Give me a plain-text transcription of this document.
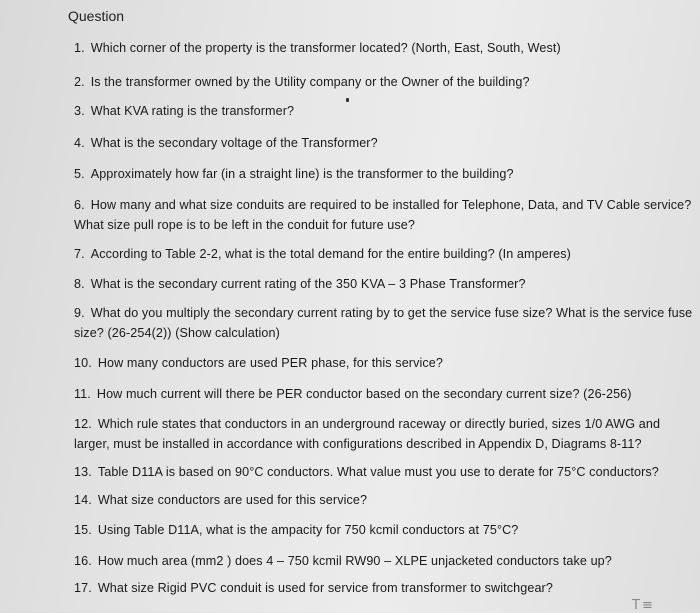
Question
1. Which corner of the property is the transformer located? (North, East, South, West)
2. Is the transformer owned by the Utility company or the Owner of the building?
3. What KVA rating is the transformer?
4. What is the secondary voltage of the Transformer?
5. Approximately how far (in a straight line) is the transformer to the building?
6. How many and what size conduits are required to be installed for Telephone, Data, and TV Cable service? What size pull rope is to be left in the conduit for future use?
7. According to Table 2-2, what is the total demand for the entire building? (In amperes)
8. What is the secondary current rating of the 350 KVA – 3 Phase Transformer?
9. What do you multiply the secondary current rating by to get the service fuse size? What is the service fuse size? (26-254(2)) (Show calculation)
10. How many conductors are used PER phase, for this service?
11. How much current will there be PER conductor based on the secondary current size? (26-256)
12. Which rule states that conductors in an underground raceway or directly buried, sizes 1/0 AWG and larger, must be installed in accordance with configurations described in Appendix D, Diagrams 8-11?
13. Table D11A is based on 90°C conductors. What value must you use to derate for 75°C conductors?
14. What size conductors are used for this service?
15. Using Table D11A, what is the ampacity for 750 kcmil conductors at 75°C?
16. How much area (mm2 ) does 4 – 750 kcmil RW90 – XLPE unjacketed conductors take up?
17. What size Rigid PVC conduit is used for service from transformer to switchgear?
T≡
